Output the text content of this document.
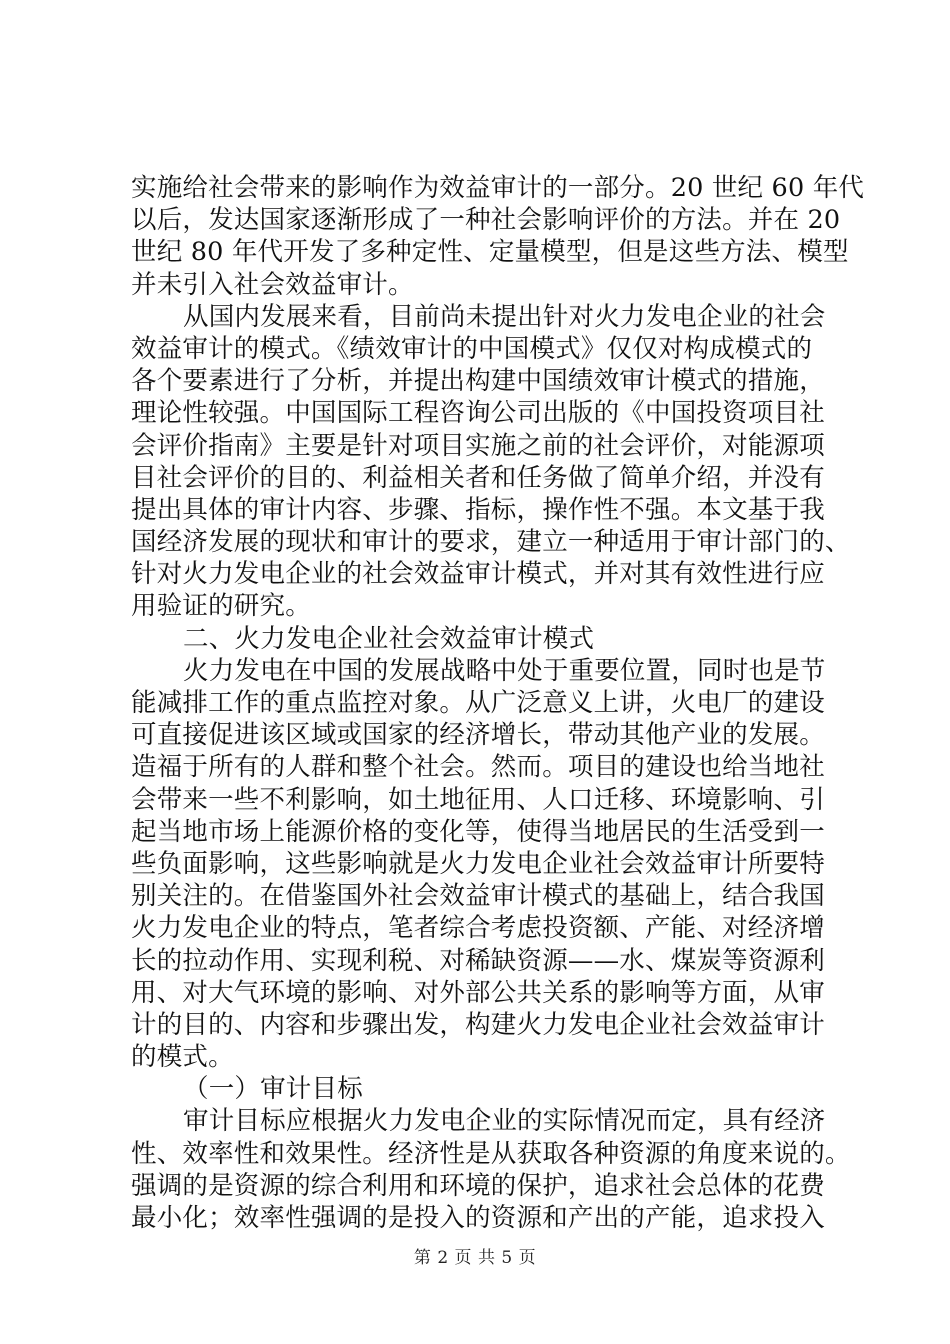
实施给社会带来的影响作为效益审计的一部分。20 世纪 60 年代
以后，发达国家逐渐形成了一种社会影响评价的方法。并在 20
世纪 80 年代开发了多种定性、定量模型，但是这些方法、模型
并未引入社会效益审计。
从国内发展来看，目前尚未提出针对火力发电企业的社会
效益审计的模式。《绩效审计的中国模式》仅仅对构成模式的
各个要素进行了分析，并提出构建中国绩效审计模式的措施，
理论性较强。中国国际工程咨询公司出版的《中国投资项目社
会评价指南》主要是针对项目实施之前的社会评价，对能源项
目社会评价的目的、利益相关者和任务做了简单介绍，并没有
提出具体的审计内容、步骤、指标，操作性不强。本文基于我
国经济发展的现状和审计的要求，建立一种适用于审计部门的、
针对火力发电企业的社会效益审计模式，并对其有效性进行应
用验证的研究。
二、火力发电企业社会效益审计模式
火力发电在中国的发展战略中处于重要位置，同时也是节
能减排工作的重点监控对象。从广泛意义上讲，火电厂的建设
可直接促进该区域或国家的经济增长，带动其他产业的发展。
造福于所有的人群和整个社会。然而。项目的建设也给当地社
会带来一些不利影响，如土地征用、人口迁移、环境影响、引
起当地市场上能源价格的变化等，使得当地居民的生活受到一
些负面影响，这些影响就是火力发电企业社会效益审计所要特
别关注的。在借鉴国外社会效益审计模式的基础上，结合我国
火力发电企业的特点，笔者综合考虑投资额、产能、对经济增
长的拉动作用、实现利税、对稀缺资源——水、煤炭等资源利
用、对大气环境的影响、对外部公共关系的影响等方面，从审
计的目的、内容和步骤出发，构建火力发电企业社会效益审计
的模式。
（一）审计目标
审计目标应根据火力发电企业的实际情况而定，具有经济
性、效率性和效果性。经济性是从获取各种资源的角度来说的。
强调的是资源的综合利用和环境的保护，追求社会总体的花费
最小化；效率性强调的是投入的资源和产出的产能，追求投入
第 2 页 共 5 页
